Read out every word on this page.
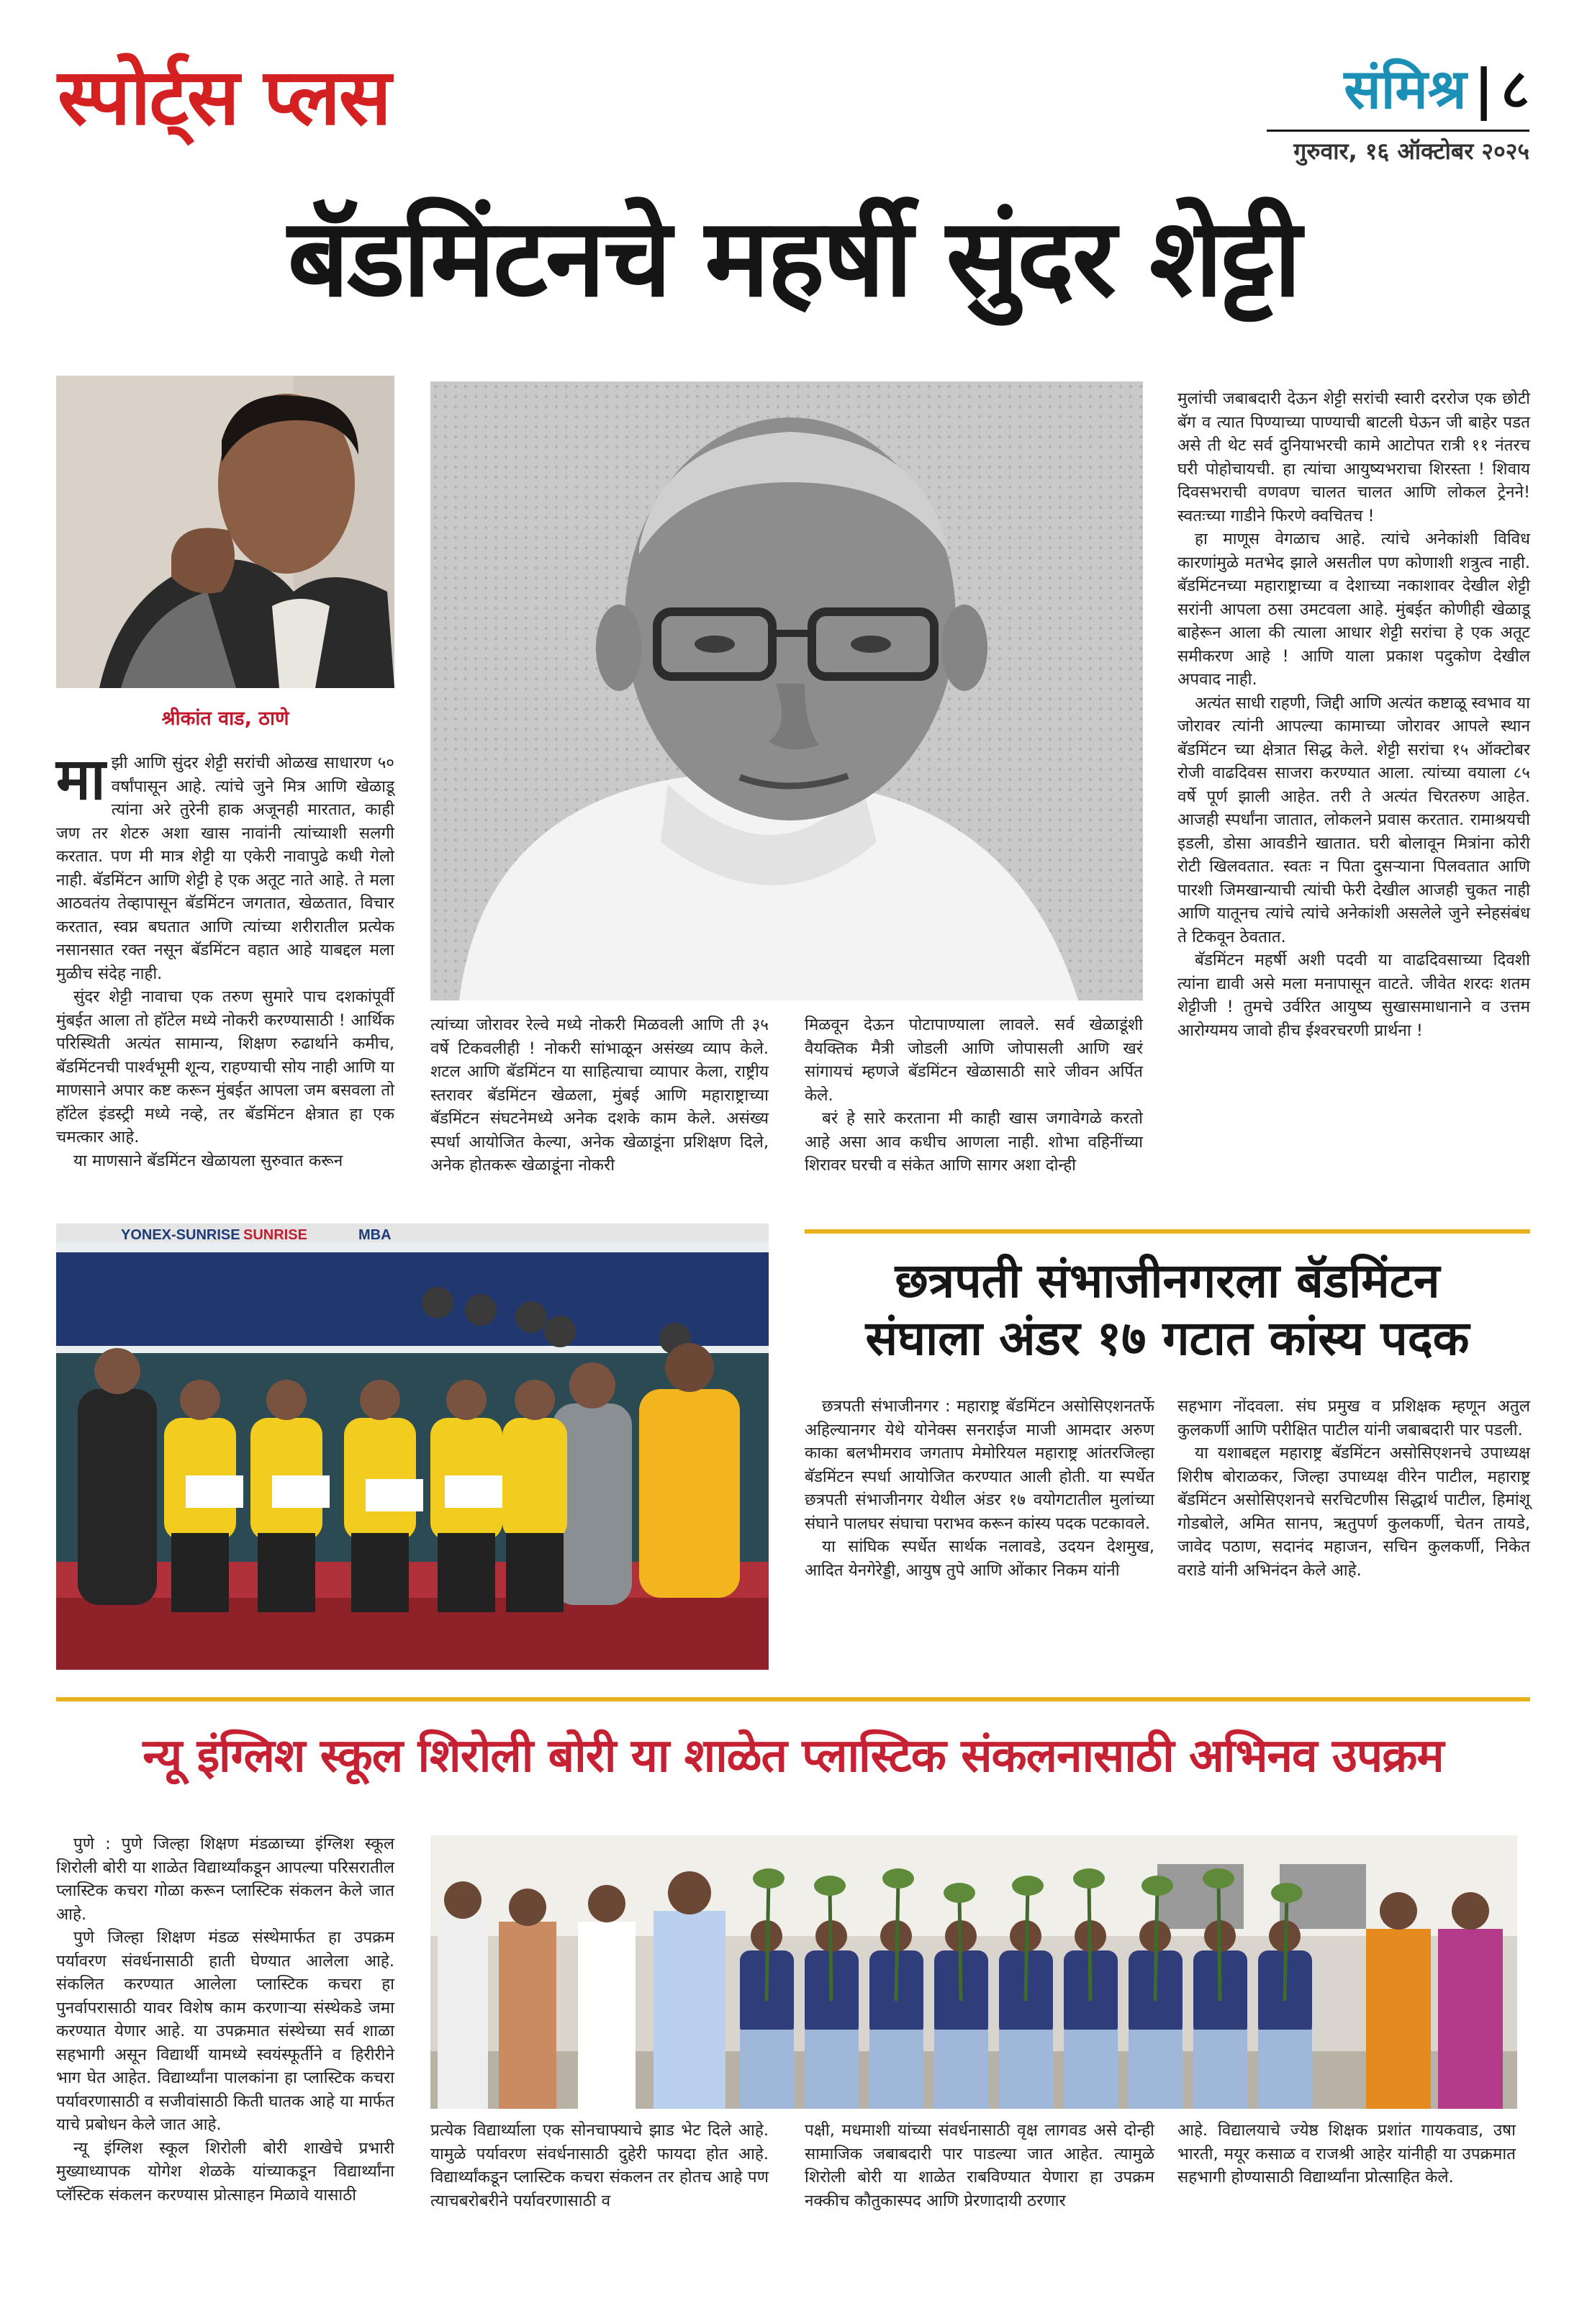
स्पोर्ट्स प्लस	संमिश्र | ८
गुरुवार, १६ ऑक्टोबर २०२५
बॅडमिंटनचे महर्षी सुंदर शेट्टी
श्रीकांत वाड, ठाणे

माझी आणि सुंदर शेट्टी सरांची ओळख साधारण ५० वर्षांपासून आहे. त्यांचे जुने मित्र आणि खेळाडू त्यांना अरे तुरेनी हाक अजूनही मारतात, काही जण तर शेटरु अशा खास नावांनी त्यांच्याशी सलगी करतात. पण मी मात्र शेट्टी या एकेरी नावापुढे कधी गेलो नाही. बॅडमिंटन आणि शेट्टी हे एक अतूट नाते आहे. ते मला आठवतंय तेव्हापासून बॅडमिंटन जगतात, खेळतात, विचार करतात, स्वप्न बघतात आणि त्यांच्या शरीरातील प्रत्येक नसानसात रक्त नसून बॅडमिंटन वहात आहे याबद्दल मला मुळीच संदेह नाही.

सुंदर शेट्टी नावाचा एक तरुण सुमारे पाच दशकांपूर्वी मुंबईत आला तो हॉटेल मध्ये नोकरी करण्यासाठी ! आर्थिक परिस्थिती अत्यंत सामान्य, शिक्षण रुढार्थाने कमीच, बॅडमिंटनची पार्श्वभूमी शून्य, राहण्याची सोय नाही आणि या माणसाने अपार कष्ट करून मुंबईत आपला जम बसवला तो हॉटेल इंडस्ट्री मध्ये नव्हे, तर बॅडमिंटन क्षेत्रात हा एक चमत्कार आहे.

या माणसाने बॅडमिंटन खेळायला सुरुवात करून

त्यांच्या जोरावर रेल्वे मध्ये नोकरी मिळवली आणि ती ३५ वर्षे टिकवलीही ! नोकरी सांभाळून असंख्य व्याप केले. शटल आणि बॅडमिंटन या साहित्याचा व्यापार केला, राष्ट्रीय स्तरावर बॅडमिंटन खेळला, मुंबई आणि महाराष्ट्राच्या बॅडमिंटन संघटनेमध्ये अनेक दशके काम केले. असंख्य स्पर्धा आयोजित केल्या, अनेक खेळाडूंना प्रशिक्षण दिले, अनेक होतकरू खेळाडूंना नोकरी

मिळवून देऊन पोटापाण्याला लावले. सर्व खेळाडूंशी वैयक्तिक मैत्री जोडली आणि जोपासली आणि खरं सांगायचं म्हणजे बॅडमिंटन खेळासाठी सारे जीवन अर्पित केले.

बरं हे सारे करताना मी काही खास जगावेगळे करतो आहे असा आव कधीच आणला नाही. शोभा वहिनींच्या शिरावर घरची व संकेत आणि सागर अशा दोन्ही

मुलांची जबाबदारी देऊन शेट्टी सरांची स्वारी दररोज एक छोटी बॅग व त्यात पिण्याच्या पाण्याची बाटली घेऊन जी बाहेर पडत असे ती थेट सर्व दुनियाभरची कामे आटोपत रात्री ११ नंतरच घरी पोहोचायची. हा त्यांचा आयुष्यभराचा शिरस्ता ! शिवाय दिवसभराची वणवण चालत चालत आणि लोकल ट्रेनने! स्वतःच्या गाडीने फिरणे क्वचितच !

हा माणूस वेगळाच आहे. त्यांचे अनेकांशी विविध कारणांमुळे मतभेद झाले असतील पण कोणाशी शत्रुत्व नाही. बॅडमिंटनच्या महाराष्ट्राच्या व देशाच्या नकाशावर देखील शेट्टी सरांनी आपला ठसा उमटवला आहे. मुंबईत कोणीही खेळाडू बाहेरून आला की त्याला आधार शेट्टी सरांचा हे एक अतूट समीकरण आहे ! आणि याला प्रकाश पदुकोण देखील अपवाद नाही.

अत्यंत साधी राहणी, जिद्दी आणि अत्यंत कष्टाळू स्वभाव या जोरावर त्यांनी आपल्या कामाच्या जोरावर आपले स्थान बॅडमिंटन च्या क्षेत्रात सिद्ध केले. शेट्टी सरांचा १५ ऑक्टोबर रोजी वाढदिवस साजरा करण्यात आला. त्यांच्या वयाला ८५ वर्षे पूर्ण झाली आहेत. तरी ते अत्यंत चिरतरुण आहेत. आजही स्पर्धांना जातात, लोकलने प्रवास करतात. रामाश्रयची इडली, डोसा आवडीने खातात. घरी बोलावून मित्रांना कोरी रोटी खिलवतात. स्वतः न पिता दुसऱ्याना पिलवतात आणि पारशी जिमखान्याची त्यांची फेरी देखील आजही चुकत नाही आणि यातूनच त्यांचे त्यांचे अनेकांशी असलेले जुने स्नेहसंबंध ते टिकवून ठेवतात.

बॅडमिंटन महर्षी अशी पदवी या वाढदिवसाच्या दिवशी त्यांना द्यावी असे मला मनापासून वाटते. जीवेत शरदः शतम शेट्टीजी ! तुमचे उर्वरित आयुष्य सुखासमाधानाने व उत्तम आरोग्यमय जावो हीच ईश्वरचरणी प्रार्थना !

YONEX-SUNRISE SUNRISE	MBA
छत्रपती संभाजीनगरला बॅडमिंटन
संघाला अंडर १७ गटात कांस्य पदक

छत्रपती संभाजीनगर : महाराष्ट्र बॅडमिंटन असोसिएशनतर्फे अहिल्यानगर येथे योनेक्स सनराईज माजी आमदार अरुण काका बलभीमराव जगताप मेमोरियल महाराष्ट्र आंतरजिल्हा बॅडमिंटन स्पर्धा आयोजित करण्यात आली होती. या स्पर्धेत छत्रपती संभाजीनगर येथील अंडर १७ वयोगटातील मुलांच्या संघाने पालघर संघाचा पराभव करून कांस्य पदक पटकावले.

या सांघिक स्पर्धेत सार्थक नलावडे, उदयन देशमुख, आदित येनगेरेड्डी, आयुष तुपे आणि ओंकार निकम यांनी

सहभाग नोंदवला. संघ प्रमुख व प्रशिक्षक म्हणून अतुल कुलकर्णी आणि परीक्षित पाटील यांनी जबाबदारी पार पडली.

या यशाबद्दल महाराष्ट्र बॅडमिंटन असोसिएशनचे उपाध्यक्ष शिरीष बोराळकर, जिल्हा उपाध्यक्ष वीरेन पाटील, महाराष्ट्र बॅडमिंटन असोसिएशनचे सरचिटणीस सिद्धार्थ पाटील, हिमांशू गोडबोले, अमित सानप, ऋतुपर्ण कुलकर्णी, चेतन तायडे, जावेद पठाण, सदानंद महाजन, सचिन कुलकर्णी, निकेत वराडे यांनी अभिनंदन केले आहे.

न्यू इंग्लिश स्कूल शिरोली बोरी या शाळेत प्लास्टिक संकलनासाठी अभिनव उपक्रम

पुणे : पुणे जिल्हा शिक्षण मंडळाच्या इंग्लिश स्कूल शिरोली बोरी या शाळेत विद्यार्थ्यांकडून आपल्या परिसरातील प्लास्टिक कचरा गोळा करून प्लास्टिक संकलन केले जात आहे.

पुणे जिल्हा शिक्षण मंडळ संस्थेमार्फत हा उपक्रम पर्यावरण संवर्धनासाठी हाती घेण्यात आलेला आहे. संकलित करण्यात आलेला प्लास्टिक कचरा हा पुनर्वापरासाठी यावर विशेष काम करणाऱ्या संस्थेकडे जमा करण्यात येणार आहे. या उपक्रमात संस्थेच्या सर्व शाळा सहभागी असून विद्यार्थी यामध्ये स्वयंस्फूर्तीने व हिरीरीने भाग घेत आहेत. विद्यार्थ्यांना पालकांना हा प्लास्टिक कचरा पर्यावरणासाठी व सजीवांसाठी किती घातक आहे या मार्फत याचे प्रबोधन केले जात आहे.

न्यू इंग्लिश स्कूल शिरोली बोरी शाखेचे प्रभारी मुख्याध्यापक योगेश शेळके यांच्याकडून विद्यार्थ्यांना प्लॅस्टिक संकलन करण्यास प्रोत्साहन मिळावे यासाठी

प्रत्येक विद्यार्थ्याला एक सोनचाफ्याचे झाड भेट दिले आहे. यामुळे पर्यावरण संवर्धनासाठी दुहेरी फायदा होत आहे. विद्यार्थ्यांकडून प्लास्टिक कचरा संकलन तर होतच आहे पण त्याचबरोबरीने पर्यावरणासाठी व

पक्षी, मधमाशी यांच्या संवर्धनासाठी वृक्ष लागवड असे दोन्ही सामाजिक जबाबदारी पार पाडल्या जात आहेत. त्यामुळे शिरोली बोरी या शाळेत राबविण्यात येणारा हा उपक्रम नक्कीच कौतुकास्पद आणि प्रेरणादायी ठरणार

आहे. विद्यालयाचे ज्येष्ठ शिक्षक प्रशांत गायकवाड, उषा भारती, मयूर कसाळ व राजश्री आहेर यांनीही या उपक्रमात सहभागी होण्यासाठी विद्यार्थ्यांना प्रोत्साहित केले.
